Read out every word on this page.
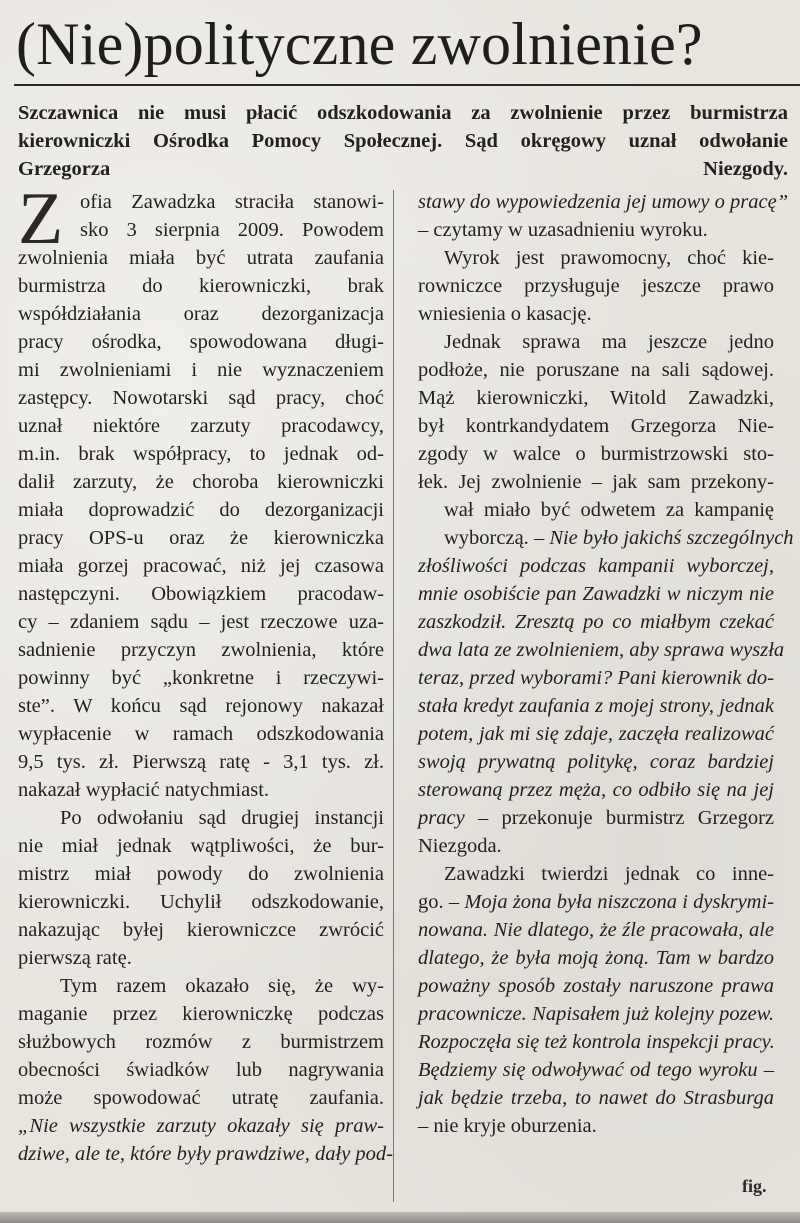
(Nie)polityczne zwolnienie?

Szczawnica nie musi płacić odszkodowania za zwolnienie przez burmistrza
kierowniczki Ośrodka Pomocy Społecznej. Sąd okręgowy uznał odwołanie
Grzegorza Niezgody.

Z ofia Zawadzka straciła stanowi-
sko 3 sierpnia 2009. Powodem
zwolnienia miała być utrata zaufania
burmistrza do kierowniczki, brak
współdziałania oraz dezorganizacja
pracy ośrodka, spowodowana długi-
mi zwolnieniami i nie wyznaczeniem
zastępcy. Nowotarski sąd pracy, choć
uznał niektóre zarzuty pracodawcy,
m.in. brak współpracy, to jednak od-
dalił zarzuty, że choroba kierowniczki
miała doprowadzić do dezorganizacji
pracy OPS-u oraz że kierowniczka
miała gorzej pracować, niż jej czasowa
następczyni. Obowiązkiem pracodaw-
cy – zdaniem sądu – jest rzeczowe uza-
sadnienie przyczyn zwolnienia, które
powinny być „konkretne i rzeczywi-
ste”. W końcu sąd rejonowy nakazał
wypłacenie w ramach odszkodowania
9,5 tys. zł. Pierwszą ratę - 3,1 tys. zł.
nakazał wypłacić natychmiast.
Po odwołaniu sąd drugiej instancji
nie miał jednak wątpliwości, że bur-
mistrz miał powody do zwolnienia
kierowniczki. Uchylił odszkodowanie,
nakazując byłej kierowniczce zwrócić
pierwszą ratę.
Tym razem okazało się, że wy-
maganie przez kierowniczkę podczas
służbowych rozmów z burmistrzem
obecności świadków lub nagrywania
może spowodować utratę zaufania.
„Nie wszystkie zarzuty okazały się praw-
dziwe, ale te, które były prawdziwe, dały pod-
stawy do wypowiedzenia jej umowy o pracę”
– czytamy w uzasadnieniu wyroku.
Wyrok jest prawomocny, choć kie-
rowniczce przysługuje jeszcze prawo
wniesienia o kasację.
Jednak sprawa ma jeszcze jedno
podłoże, nie poruszane na sali sądowej.
Mąż kierowniczki, Witold Zawadzki,
był kontrkandydatem Grzegorza Nie-
zgody w walce o burmistrzowski sto-
łek. Jej zwolnienie – jak sam przekony-
wał miało być odwetem za kampanię
wyborczą. – Nie było jakichś szczególnych
złośliwości podczas kampanii wyborczej,
mnie osobiście pan Zawadzki w niczym nie
zaszkodził. Zresztą po co miałbym czekać
dwa lata ze zwolnieniem, aby sprawa wyszła
teraz, przed wyborami? Pani kierownik do-
stała kredyt zaufania z mojej strony, jednak
potem, jak mi się zdaje, zaczęła realizować
swoją prywatną politykę, coraz bardziej
sterowaną przez męża, co odbiło się na jej
pracy – przekonuje burmistrz Grzegorz
Niezgoda.
Zawadzki twierdzi jednak co inne-
go. – Moja żona była niszczona i dyskrymi-
nowana. Nie dlatego, że źle pracowała, ale
dlatego, że była moją żoną. Tam w bardzo
poważny sposób zostały naruszone prawa
pracownicze. Napisałem już kolejny pozew.
Rozpoczęła się też kontrola inspekcji pracy.
Będziemy się odwoływać od tego wyroku –
jak będzie trzeba, to nawet do Strasburga
– nie kryje oburzenia.
fig.
